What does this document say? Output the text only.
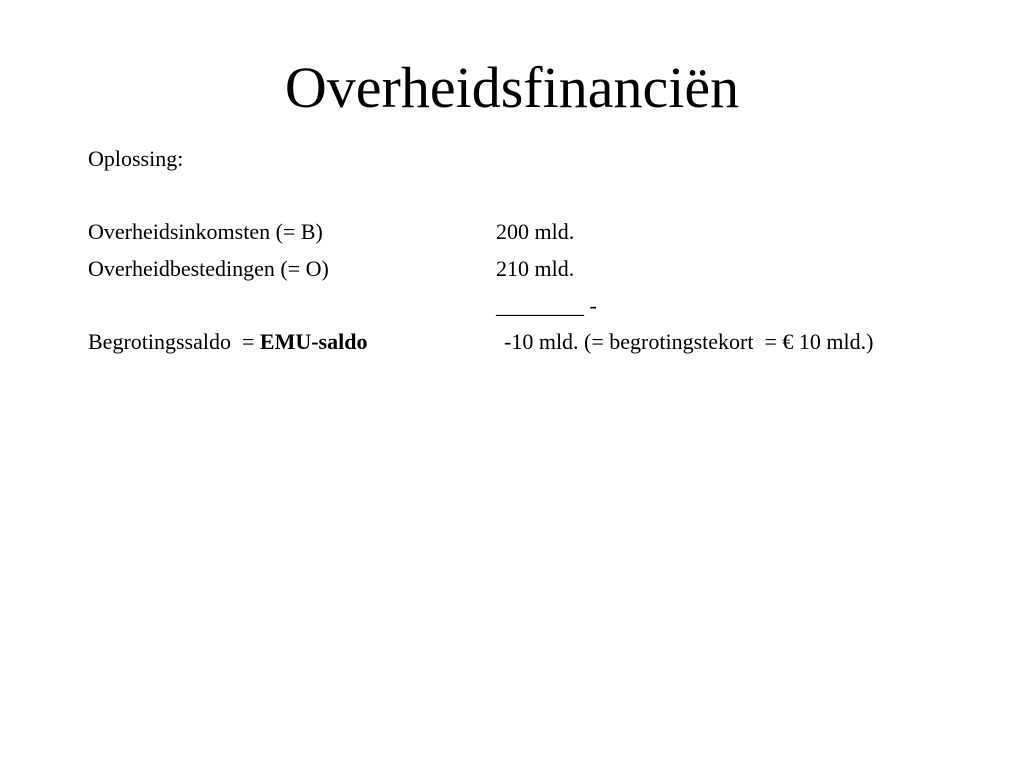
Overheidsfinanciën
Oplossing:
Overheidsinkomsten (= B)	200 mld.
Overheidbestedingen (= O)	210 mld.
________ -
Begrotingssaldo  = EMU-saldo	-10 mld. (= begrotingstekort  = € 10 mld.)
